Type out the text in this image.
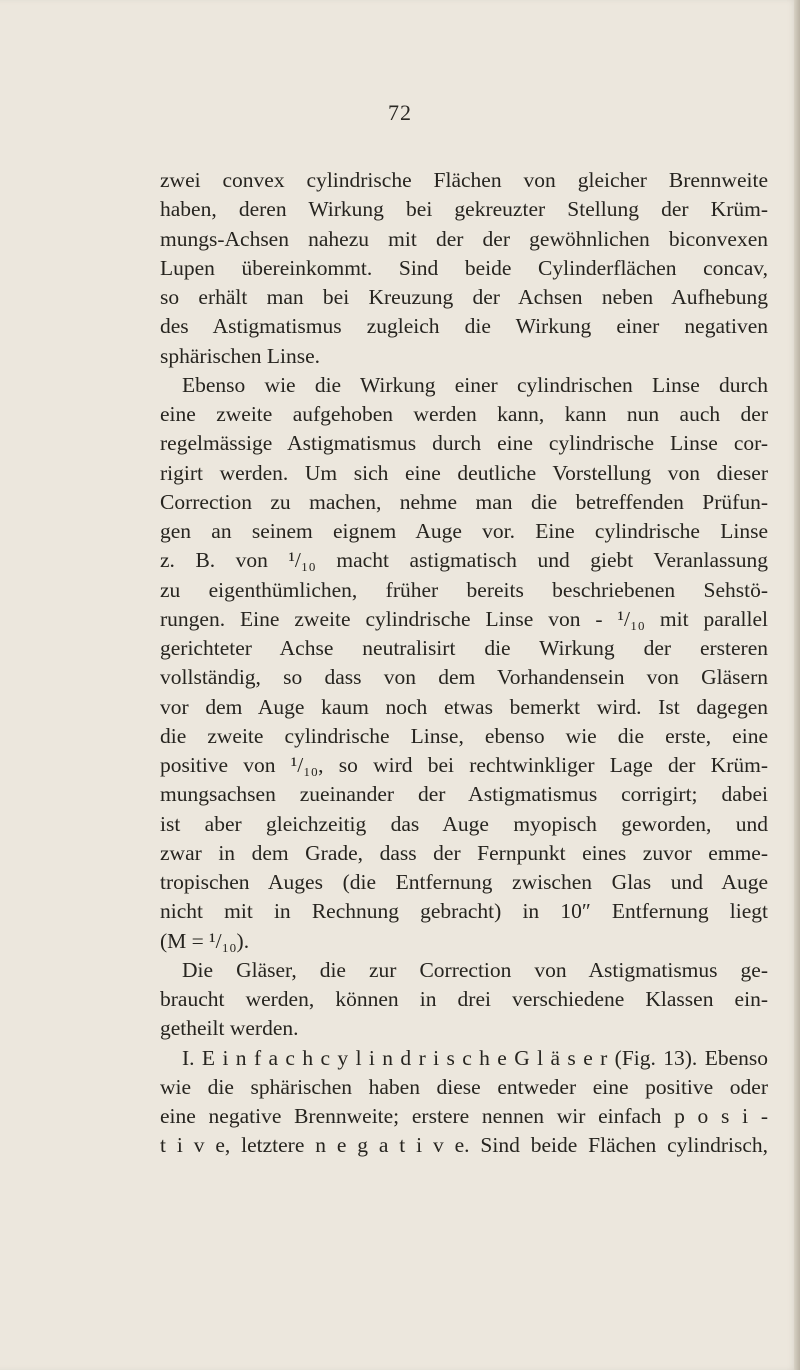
72
zwei convex cylindrische Flächen von gleicher Brennweite
haben, deren Wirkung bei gekreuzter Stellung der Krüm-
mungs-Achsen nahezu mit der der gewöhnlichen biconvexen
Lupen übereinkommt. Sind beide Cylinderflächen concav,
so erhält man bei Kreuzung der Achsen neben Aufhebung
des Astigmatismus zugleich die Wirkung einer negativen
sphärischen Linse.
Ebenso wie die Wirkung einer cylindrischen Linse durch
eine zweite aufgehoben werden kann, kann nun auch der
regelmässige Astigmatismus durch eine cylindrische Linse cor-
rigirt werden. Um sich eine deutliche Vorstellung von dieser
Correction zu machen, nehme man die betreffenden Prüfun-
gen an seinem eignem Auge vor. Eine cylindrische Linse
z. B. von ¹/₁₀ macht astigmatisch und giebt Veranlassung
zu eigenthümlichen, früher bereits beschriebenen Sehstö-
rungen. Eine zweite cylindrische Linse von - ¹/₁₀ mit parallel
gerichteter Achse neutralisirt die Wirkung der ersteren
vollständig, so dass von dem Vorhandensein von Gläsern
vor dem Auge kaum noch etwas bemerkt wird. Ist dagegen
die zweite cylindrische Linse, ebenso wie die erste, eine
positive von ¹/₁₀, so wird bei rechtwinkliger Lage der Krüm-
mungsachsen zueinander der Astigmatismus corrigirt; dabei
ist aber gleichzeitig das Auge myopisch geworden, und
zwar in dem Grade, dass der Fernpunkt eines zuvor emme-
tropischen Auges (die Entfernung zwischen Glas und Auge
nicht mit in Rechnung gebracht) in 10″ Entfernung liegt
(M = ¹/₁₀).
Die Gläser, die zur Correction von Astigmatismus ge-
braucht werden, können in drei verschiedene Klassen ein-
getheilt werden.
I. E i n f a c h c y l i n d r i s c h e G l ä s e r (Fig. 13). Ebenso
wie die sphärischen haben diese entweder eine positive oder
eine negative Brennweite; erstere nennen wir einfach p o s i -
t i v e, letztere n e g a t i v e. Sind beide Flächen cylindrisch,
